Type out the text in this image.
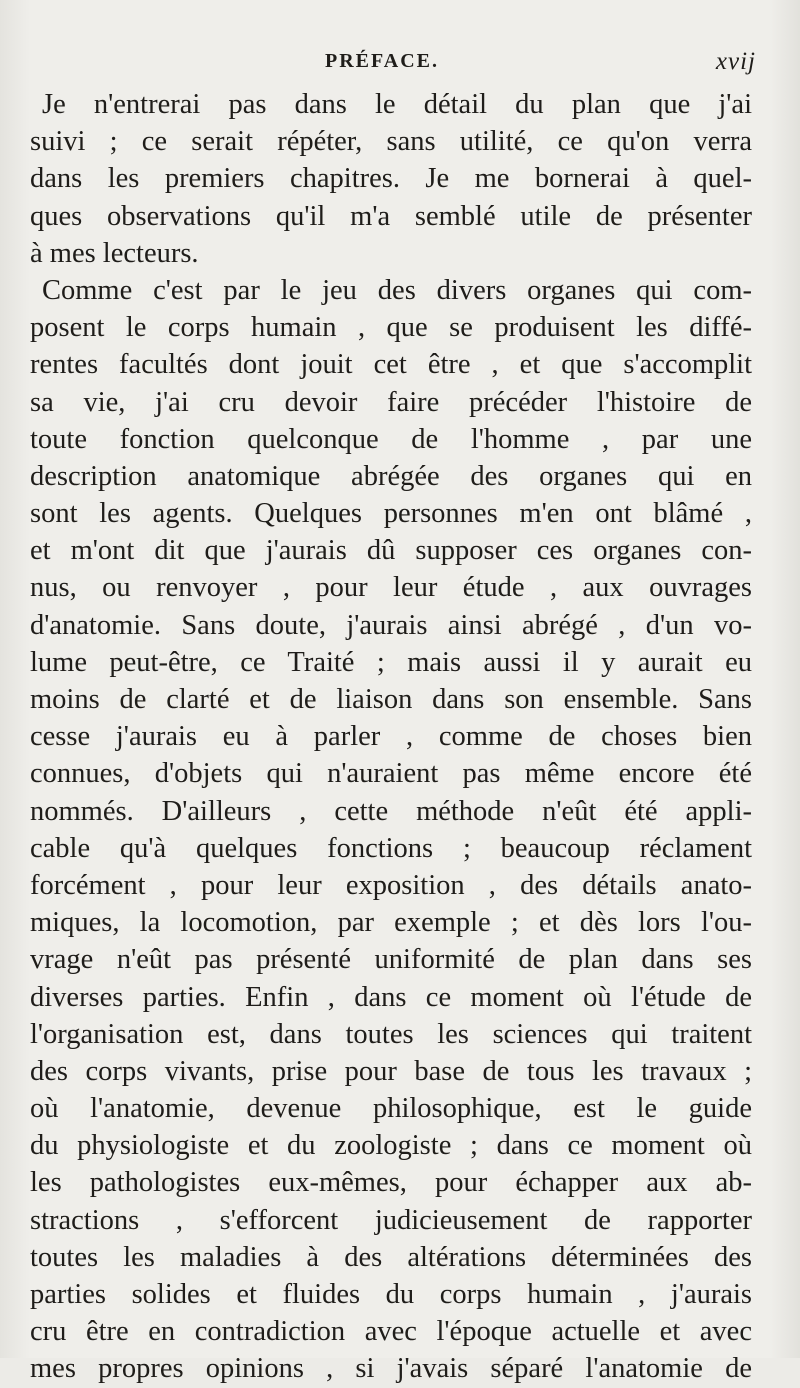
PRÉFACE.	xvij
Je n'entrerai pas dans le détail du plan que j'ai
suivi ; ce serait répéter, sans utilité, ce qu'on verra
dans les premiers chapitres. Je me bornerai à quel-
ques observations qu'il m'a semblé utile de présenter
à mes lecteurs.
Comme c'est par le jeu des divers organes qui com-
posent le corps humain , que se produisent les diffé-
rentes facultés dont jouit cet être , et que s'accomplit
sa vie, j'ai cru devoir faire précéder l'histoire de
toute fonction quelconque de l'homme , par une
description anatomique abrégée des organes qui en
sont les agents. Quelques personnes m'en ont blâmé ,
et m'ont dit que j'aurais dû supposer ces organes con-
nus, ou renvoyer , pour leur étude , aux ouvrages
d'anatomie. Sans doute, j'aurais ainsi abrégé , d'un vo-
lume peut-être, ce Traité ; mais aussi il y aurait eu
moins de clarté et de liaison dans son ensemble. Sans
cesse j'aurais eu à parler , comme de choses bien
connues, d'objets qui n'auraient pas même encore été
nommés. D'ailleurs , cette méthode n'eût été appli-
cable qu'à quelques fonctions ; beaucoup réclament
forcément , pour leur exposition , des détails anato-
miques, la locomotion, par exemple ; et dès lors l'ou-
vrage n'eût pas présenté uniformité de plan dans ses
diverses parties. Enfin , dans ce moment où l'étude de
l'organisation est, dans toutes les sciences qui traitent
des corps vivants, prise pour base de tous les travaux ;
où l'anatomie, devenue philosophique, est le guide
du physiologiste et du zoologiste ; dans ce moment où
les pathologistes eux-mêmes, pour échapper aux ab-
stractions , s'efforcent judicieusement de rapporter
toutes les maladies à des altérations déterminées des
parties solides et fluides du corps humain , j'aurais
cru être en contradiction avec l'époque actuelle et avec
mes propres opinions , si j'avais séparé l'anatomie de
